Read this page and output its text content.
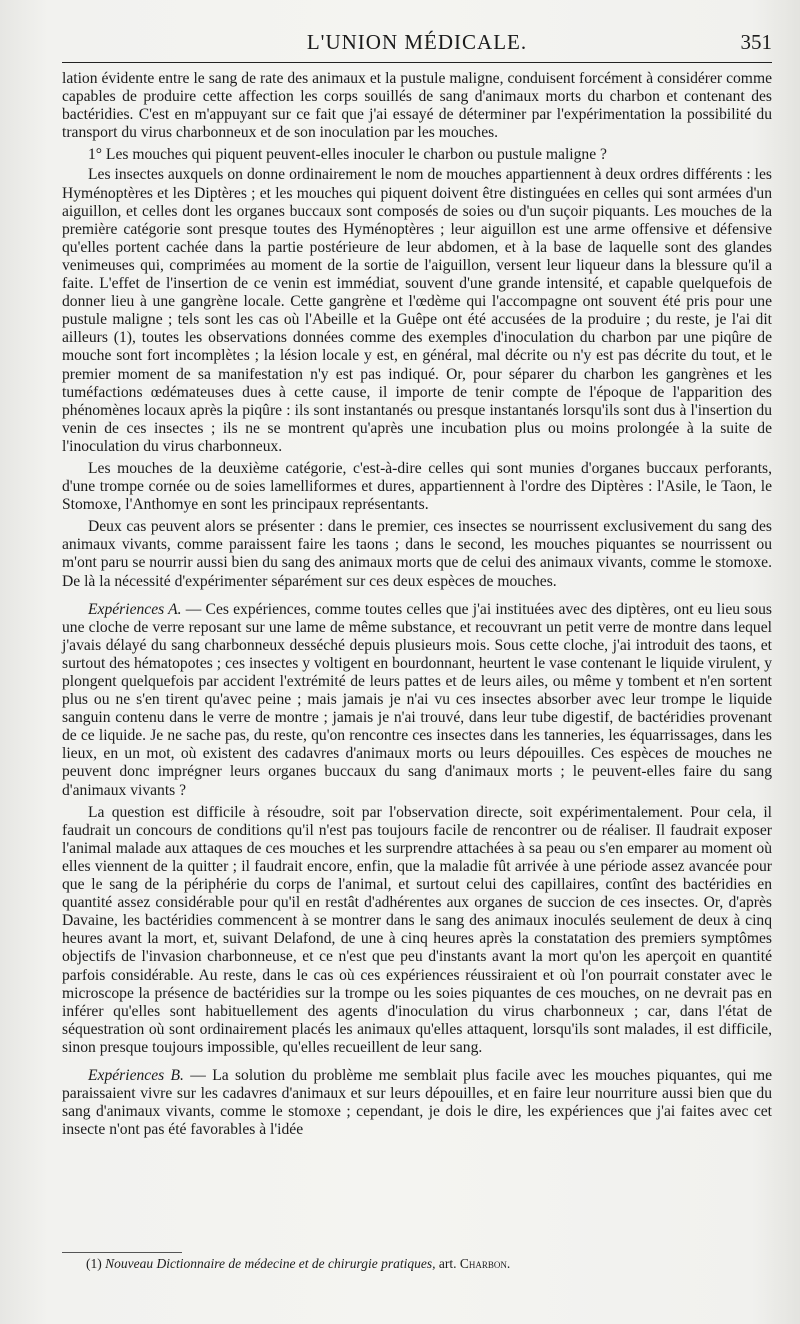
L'UNION MÉDICALE.	351

lation évidente entre le sang de rate des animaux et la pustule maligne, conduisent forcément à considérer comme capables de produire cette affection les corps souillés de sang d'animaux morts du charbon et contenant des bactéridies. C'est en m'appuyant sur ce fait que j'ai essayé de déterminer par l'expérimentation la possibilité du transport du virus charbonneux et de son inoculation par les mouches.

1° Les mouches qui piquent peuvent-elles inoculer le charbon ou pustule maligne ?

Les insectes auxquels on donne ordinairement le nom de mouches appartiennent à deux ordres différents : les Hyménoptères et les Diptères ; et les mouches qui piquent doivent être distinguées en celles qui sont armées d'un aiguillon, et celles dont les organes buccaux sont composés de soies ou d'un suçoir piquants. Les mouches de la première catégorie sont presque toutes des Hyménoptères ; leur aiguillon est une arme offensive et défensive qu'elles portent cachée dans la partie postérieure de leur abdomen, et à la base de laquelle sont des glandes venimeuses qui, comprimées au moment de la sortie de l'aiguillon, versent leur liqueur dans la blessure qu'il a faite. L'effet de l'insertion de ce venin est immédiat, souvent d'une grande intensité, et capable quelquefois de donner lieu à une gangrène locale. Cette gangrène et l'œdème qui l'accompagne ont souvent été pris pour une pustule maligne ; tels sont les cas où l'Abeille et la Guêpe ont été accusées de la produire ; du reste, je l'ai dit ailleurs (1), toutes les observations données comme des exemples d'inoculation du charbon par une piqûre de mouche sont fort incomplètes ; la lésion locale y est, en général, mal décrite ou n'y est pas décrite du tout, et le premier moment de sa manifestation n'y est pas indiqué. Or, pour séparer du charbon les gangrènes et les tuméfactions œdémateuses dues à cette cause, il importe de tenir compte de l'époque de l'apparition des phénomènes locaux après la piqûre : ils sont instantanés ou presque instantanés lorsqu'ils sont dus à l'insertion du venin de ces insectes ; ils ne se montrent qu'après une incubation plus ou moins prolongée à la suite de l'inoculation du virus charbonneux.

Les mouches de la deuxième catégorie, c'est-à-dire celles qui sont munies d'organes buccaux perforants, d'une trompe cornée ou de soies lamelliformes et dures, appartiennent à l'ordre des Diptères : l'Asile, le Taon, le Stomoxe, l'Anthomye en sont les principaux représentants.

Deux cas peuvent alors se présenter : dans le premier, ces insectes se nourrissent exclusivement du sang des animaux vivants, comme paraissent faire les taons ; dans le second, les mouches piquantes se nourrissent ou m'ont paru se nourrir aussi bien du sang des animaux morts que de celui des animaux vivants, comme le stomoxe. De là la nécessité d'expérimenter séparément sur ces deux espèces de mouches.

Expériences A. — Ces expériences, comme toutes celles que j'ai instituées avec des diptères, ont eu lieu sous une cloche de verre reposant sur une lame de même substance, et recouvrant un petit verre de montre dans lequel j'avais délayé du sang charbonneux desséché depuis plusieurs mois. Sous cette cloche, j'ai introduit des taons, et surtout des hématopotes ; ces insectes y voltigent en bourdonnant, heurtent le vase contenant le liquide virulent, y plongent quelquefois par accident l'extrémité de leurs pattes et de leurs ailes, ou même y tombent et n'en sortent plus ou ne s'en tirent qu'avec peine ; mais jamais je n'ai vu ces insectes absorber avec leur trompe le liquide sanguin contenu dans le verre de montre ; jamais je n'ai trouvé, dans leur tube digestif, de bactéridies provenant de ce liquide. Je ne sache pas, du reste, qu'on rencontre ces insectes dans les tanneries, les équarrissages, dans les lieux, en un mot, où existent des cadavres d'animaux morts ou leurs dépouilles. Ces espèces de mouches ne peuvent donc imprégner leurs organes buccaux du sang d'animaux morts ; le peuvent-elles faire du sang d'animaux vivants ?

La question est difficile à résoudre, soit par l'observation directe, soit expérimentalement. Pour cela, il faudrait un concours de conditions qu'il n'est pas toujours facile de rencontrer ou de réaliser. Il faudrait exposer l'animal malade aux attaques de ces mouches et les surprendre attachées à sa peau ou s'en emparer au moment où elles viennent de la quitter ; il faudrait encore, enfin, que la maladie fût arrivée à une période assez avancée pour que le sang de la périphérie du corps de l'animal, et surtout celui des capillaires, contînt des bactéridies en quantité assez considérable pour qu'il en restât d'adhérentes aux organes de succion de ces insectes. Or, d'après Davaine, les bactéridies commencent à se montrer dans le sang des animaux inoculés seulement de deux à cinq heures avant la mort, et, suivant Delafond, de une à cinq heures après la constatation des premiers symptômes objectifs de l'invasion charbonneuse, et ce n'est que peu d'instants avant la mort qu'on les aperçoit en quantité parfois considérable. Au reste, dans le cas où ces expériences réussiraient et où l'on pourrait constater avec le microscope la présence de bactéridies sur la trompe ou les soies piquantes de ces mouches, on ne devrait pas en inférer qu'elles sont habituellement des agents d'inoculation du virus charbonneux ; car, dans l'état de séquestration où sont ordinairement placés les animaux qu'elles attaquent, lorsqu'ils sont malades, il est difficile, sinon presque toujours impossible, qu'elles recueillent de leur sang.

Expériences B. — La solution du problème me semblait plus facile avec les mouches piquantes, qui me paraissaient vivre sur les cadavres d'animaux et sur leurs dépouilles, et en faire leur nourriture aussi bien que du sang d'animaux vivants, comme le stomoxe ; cependant, je dois le dire, les expériences que j'ai faites avec cet insecte n'ont pas été favorables à l'idée

(1) Nouveau Dictionnaire de médecine et de chirurgie pratiques, art. Charbon.
